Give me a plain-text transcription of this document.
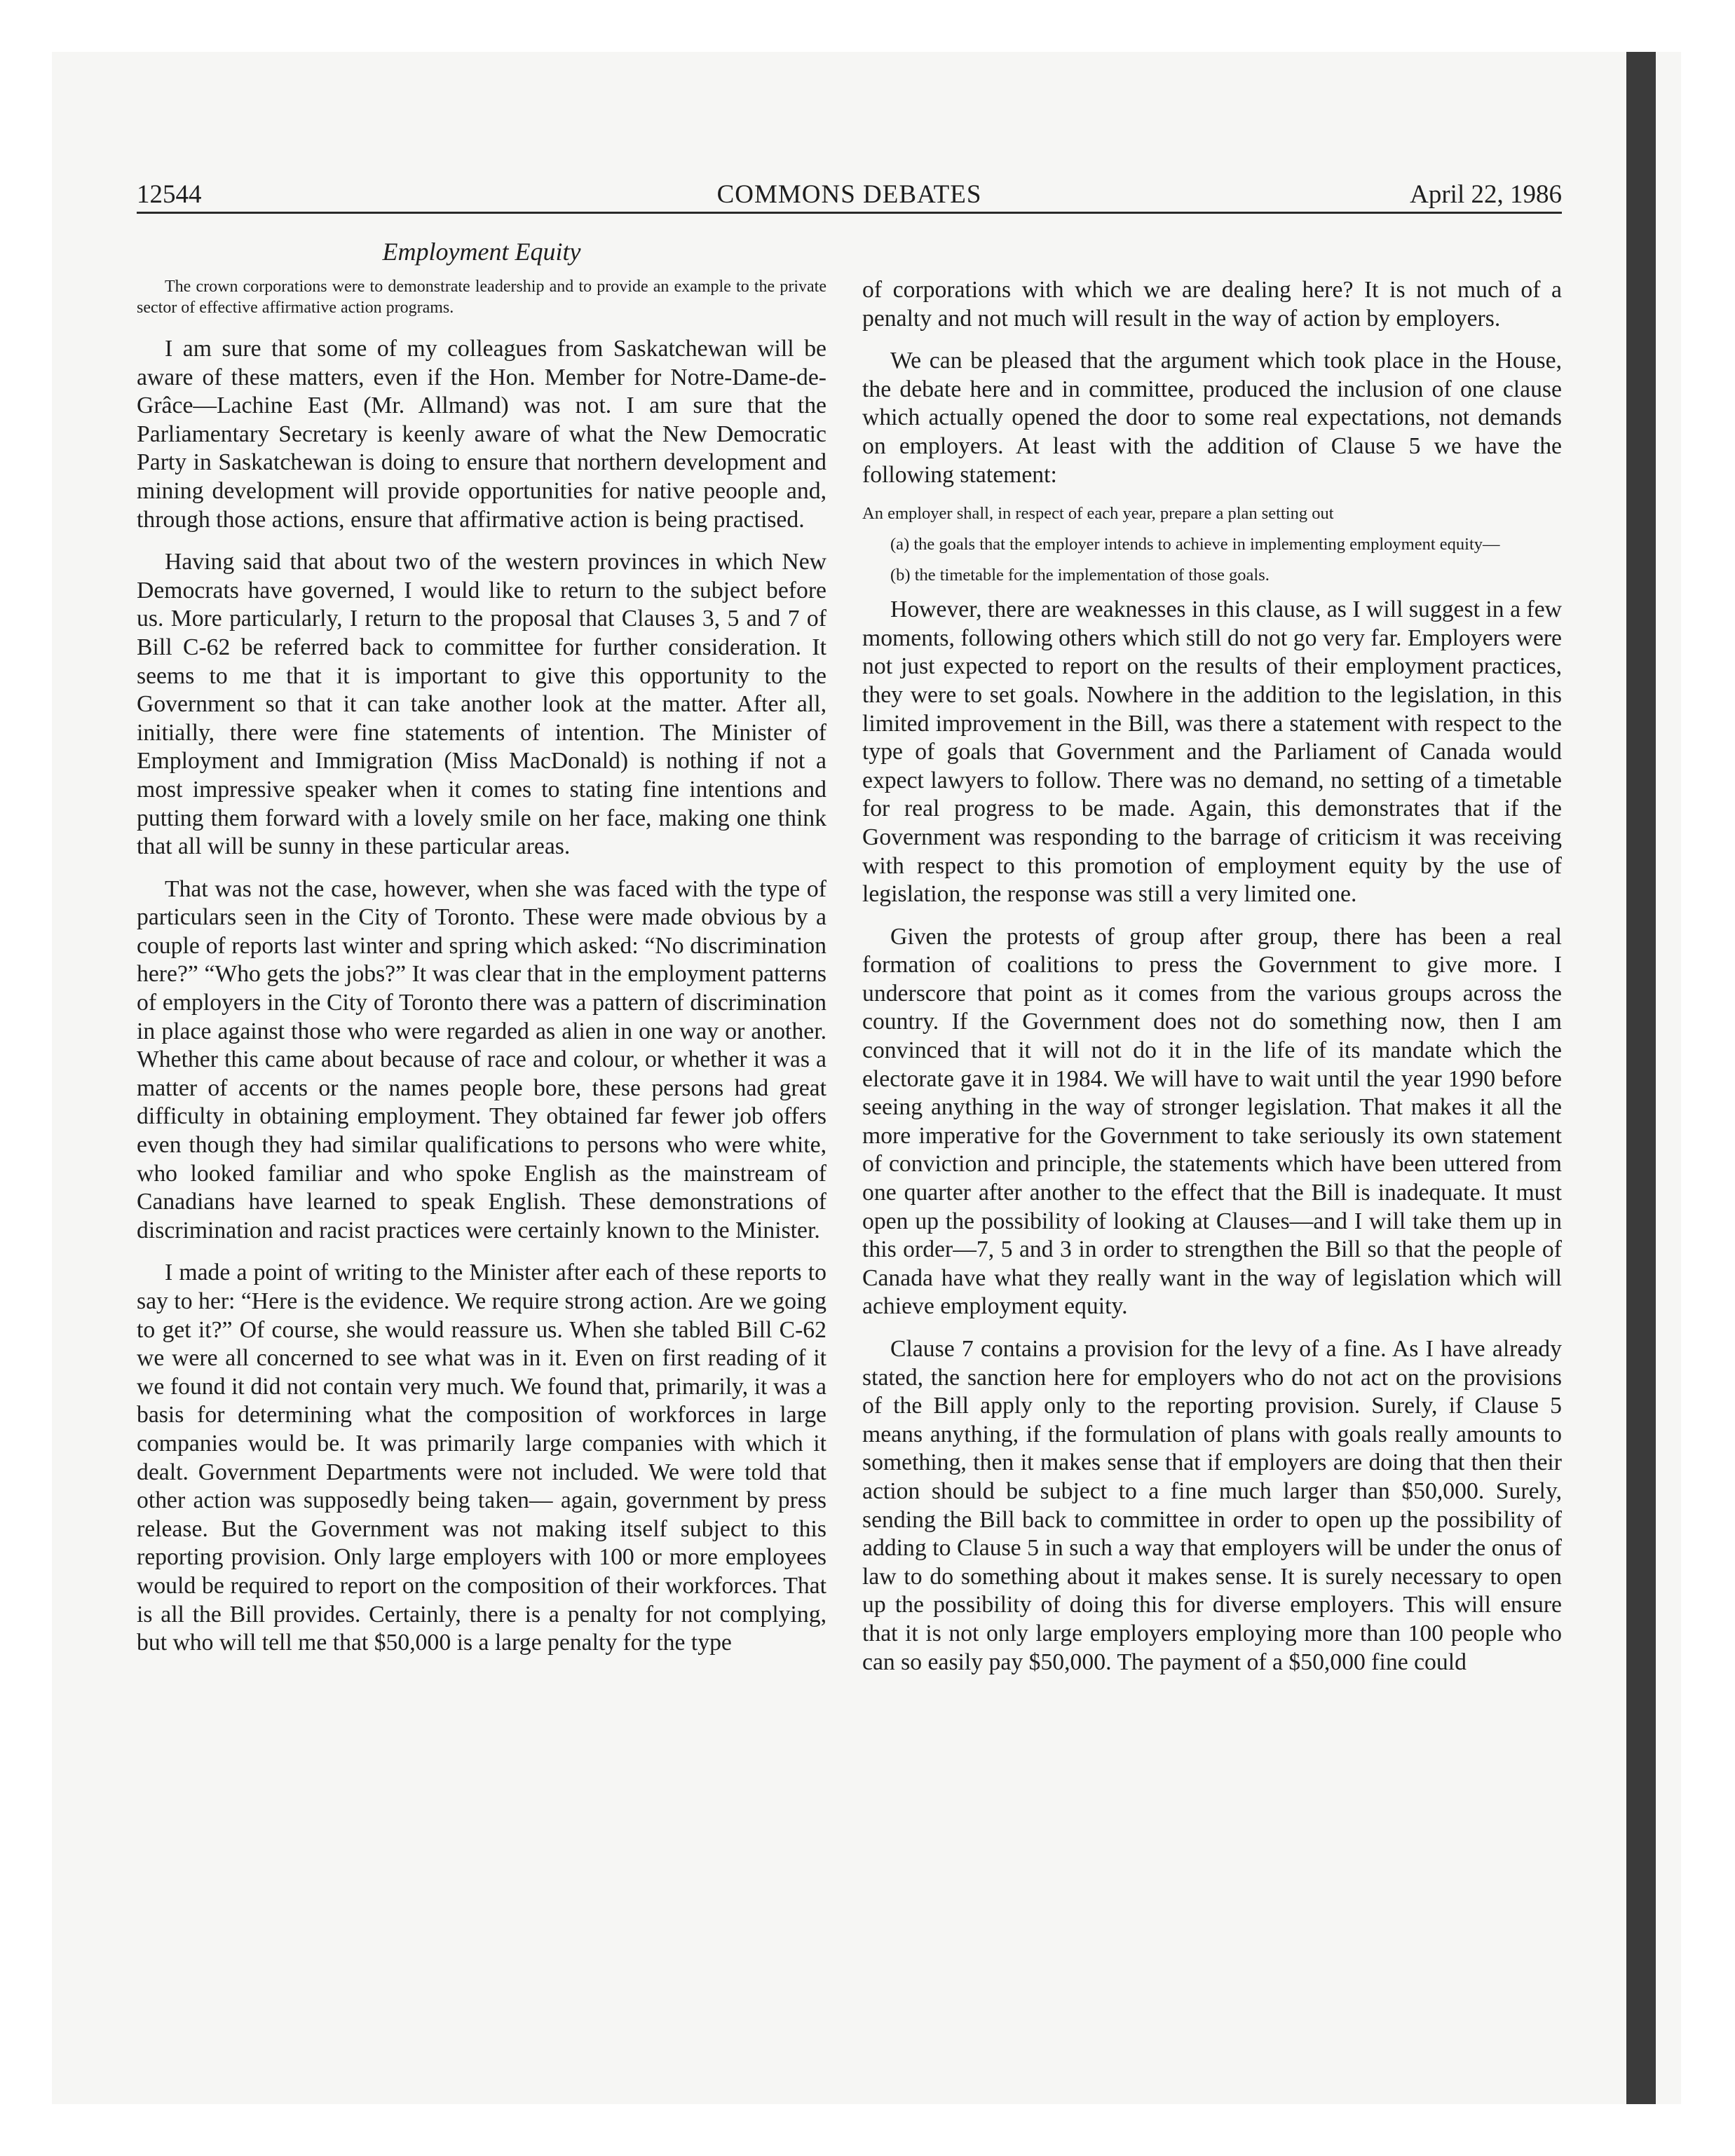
12544	COMMONS DEBATES	April 22, 1986
Employment Equity

The crown corporations were to demonstrate leadership and to provide an example to the private sector of effective affirmative action programs.

I am sure that some of my colleagues from Saskatchewan will be aware of these matters, even if the Hon. Member for Notre-Dame-de-Grâce—Lachine East (Mr. Allmand) was not. I am sure that the Parliamentary Secretary is keenly aware of what the New Democratic Party in Saskatchewan is doing to ensure that northern development and mining development will provide opportunities for native peoople and, through those actions, ensure that affirmative action is being practised.

Having said that about two of the western provinces in which New Democrats have governed, I would like to return to the subject before us. More particularly, I return to the proposal that Clauses 3, 5 and 7 of Bill C-62 be referred back to committee for further consideration. It seems to me that it is important to give this opportunity to the Government so that it can take another look at the matter. After all, initially, there were fine statements of intention. The Minister of Employment and Immigration (Miss MacDonald) is nothing if not a most impressive speaker when it comes to stating fine intentions and putting them forward with a lovely smile on her face, making one think that all will be sunny in these particular areas.

That was not the case, however, when she was faced with the type of particulars seen in the City of Toronto. These were made obvious by a couple of reports last winter and spring which asked: “No discrimination here?” “Who gets the jobs?” It was clear that in the employment patterns of employers in the City of Toronto there was a pattern of discrimination in place against those who were regarded as alien in one way or another. Whether this came about because of race and colour, or whether it was a matter of accents or the names people bore, these persons had great difficulty in obtaining employment. They obtained far fewer job offers even though they had similar qualifications to persons who were white, who looked familiar and who spoke English as the mainstream of Canadians have learned to speak English. These demonstrations of discrimination and racist practices were certainly known to the Minister.

I made a point of writing to the Minister after each of these reports to say to her: “Here is the evidence. We require strong action. Are we going to get it?” Of course, she would reassure us. When she tabled Bill C-62 we were all concerned to see what was in it. Even on first reading of it we found it did not contain very much. We found that, primarily, it was a basis for determining what the composition of workforces in large companies would be. It was primarily large companies with which it dealt. Government Departments were not included. We were told that other action was supposedly being taken— again, government by press release. But the Government was not making itself subject to this reporting provision. Only large employers with 100 or more employees would be required to report on the composition of their workforces. That is all the Bill provides. Certainly, there is a penalty for not complying, but who will tell me that $50,000 is a large penalty for the type

of corporations with which we are dealing here? It is not much of a penalty and not much will result in the way of action by employers.

We can be pleased that the argument which took place in the House, the debate here and in committee, produced the inclusion of one clause which actually opened the door to some real expectations, not demands on employers. At least with the addition of Clause 5 we have the following statement:

An employer shall, in respect of each year, prepare a plan setting out

(a) the goals that the employer intends to achieve in implementing employment equity—

(b) the timetable for the implementation of those goals.

However, there are weaknesses in this clause, as I will suggest in a few moments, following others which still do not go very far. Employers were not just expected to report on the results of their employment practices, they were to set goals. Nowhere in the addition to the legislation, in this limited improvement in the Bill, was there a statement with respect to the type of goals that Government and the Parliament of Canada would expect lawyers to follow. There was no demand, no setting of a timetable for real progress to be made. Again, this demonstrates that if the Government was responding to the barrage of criticism it was receiving with respect to this promotion of employment equity by the use of legislation, the response was still a very limited one.

Given the protests of group after group, there has been a real formation of coalitions to press the Government to give more. I underscore that point as it comes from the various groups across the country. If the Government does not do something now, then I am convinced that it will not do it in the life of its mandate which the electorate gave it in 1984. We will have to wait until the year 1990 before seeing anything in the way of stronger legislation. That makes it all the more imperative for the Government to take seriously its own statement of conviction and principle, the statements which have been uttered from one quarter after another to the effect that the Bill is inadequate. It must open up the possibility of looking at Clauses—and I will take them up in this order—7, 5 and 3 in order to strengthen the Bill so that the people of Canada have what they really want in the way of legislation which will achieve employment equity.

Clause 7 contains a provision for the levy of a fine. As I have already stated, the sanction here for employers who do not act on the provisions of the Bill apply only to the reporting provision. Surely, if Clause 5 means anything, if the formulation of plans with goals really amounts to something, then it makes sense that if employers are doing that then their action should be subject to a fine much larger than $50,000. Surely, sending the Bill back to committee in order to open up the possibility of adding to Clause 5 in such a way that employers will be under the onus of law to do something about it makes sense. It is surely necessary to open up the possibility of doing this for diverse employers. This will ensure that it is not only large employers employing more than 100 people who can so easily pay $50,000. The payment of a $50,000 fine could
